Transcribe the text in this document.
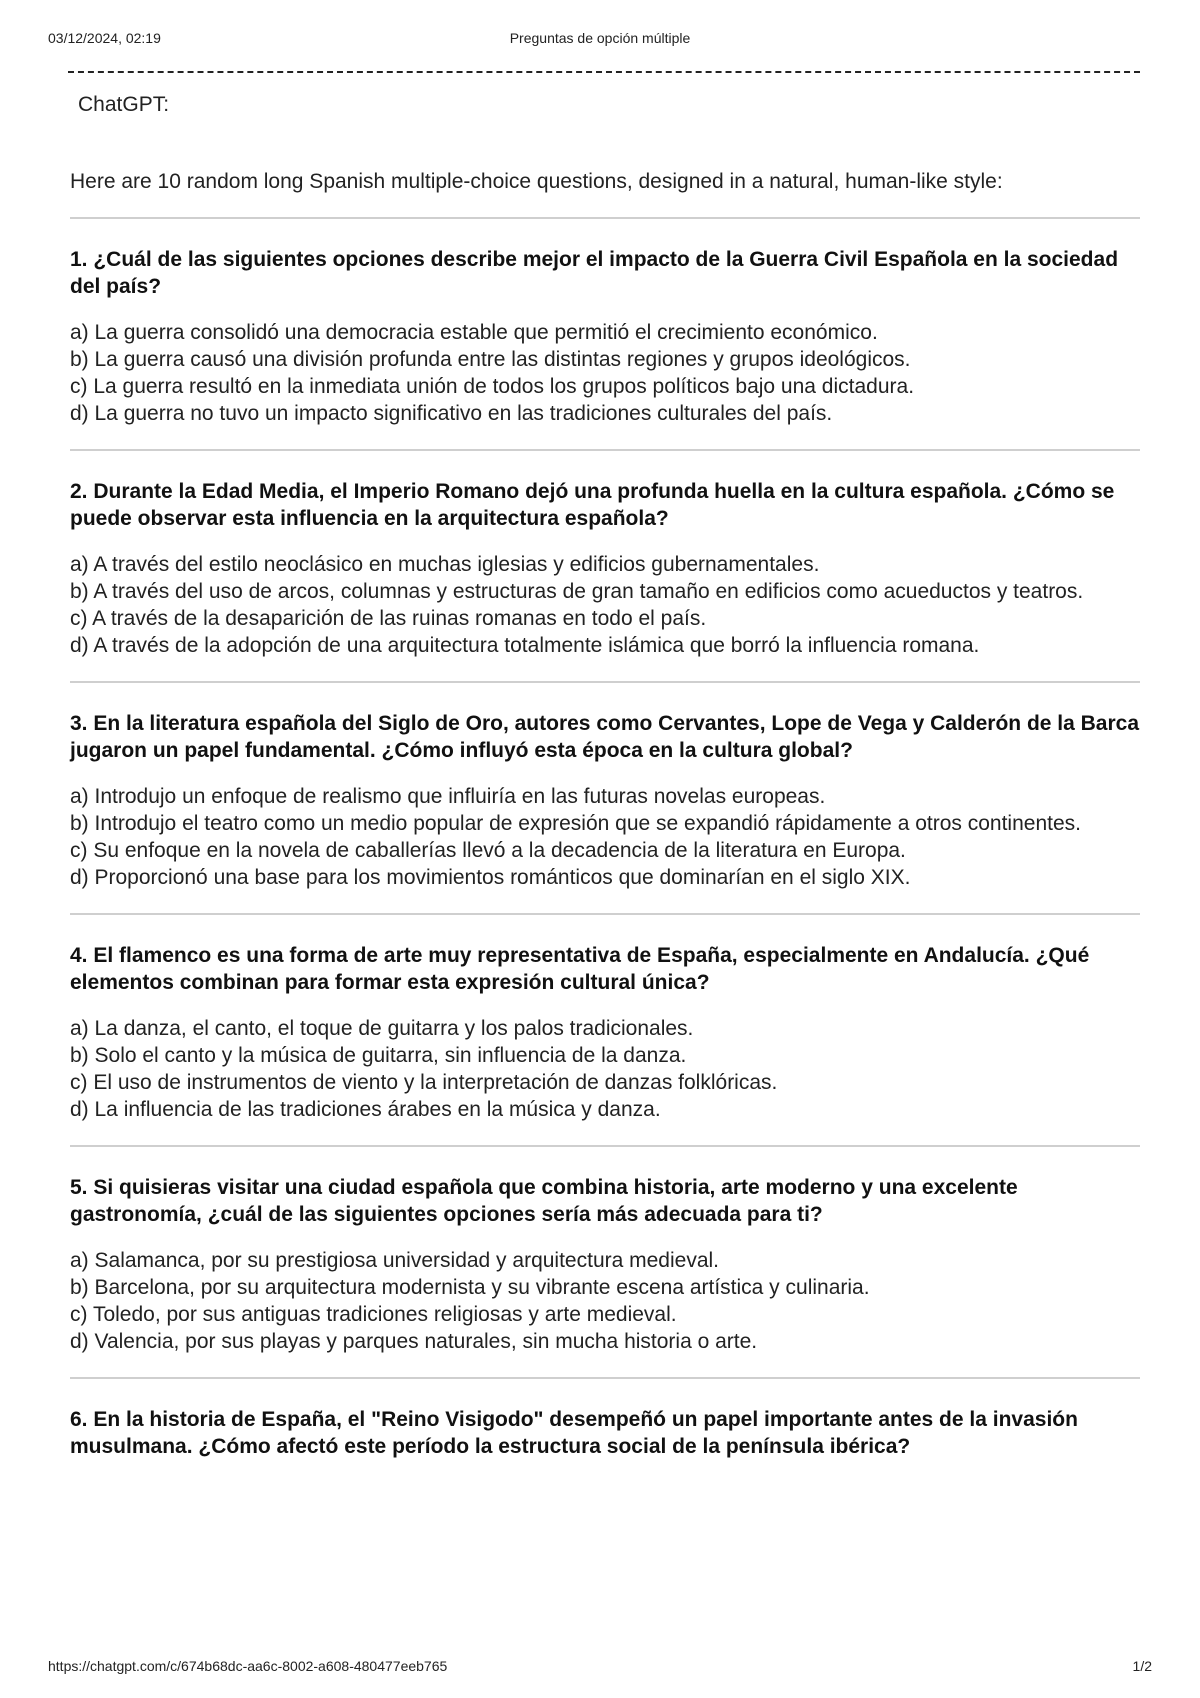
03/12/2024, 02:19	Preguntas de opción múltiple

ChatGPT:

Here are 10 random long Spanish multiple-choice questions, designed in a natural, human-like style:

1. ¿Cuál de las siguientes opciones describe mejor el impacto de la Guerra Civil Española en la sociedad del país?

a) La guerra consolidó una democracia estable que permitió el crecimiento económico.
b) La guerra causó una división profunda entre las distintas regiones y grupos ideológicos.
c) La guerra resultó en la inmediata unión de todos los grupos políticos bajo una dictadura.
d) La guerra no tuvo un impacto significativo en las tradiciones culturales del país.

2. Durante la Edad Media, el Imperio Romano dejó una profunda huella en la cultura española. ¿Cómo se puede observar esta influencia en la arquitectura española?

a) A través del estilo neoclásico en muchas iglesias y edificios gubernamentales.
b) A través del uso de arcos, columnas y estructuras de gran tamaño en edificios como acueductos y teatros.
c) A través de la desaparición de las ruinas romanas en todo el país.
d) A través de la adopción de una arquitectura totalmente islámica que borró la influencia romana.

3. En la literatura española del Siglo de Oro, autores como Cervantes, Lope de Vega y Calderón de la Barca jugaron un papel fundamental. ¿Cómo influyó esta época en la cultura global?

a) Introdujo un enfoque de realismo que influiría en las futuras novelas europeas.
b) Introdujo el teatro como un medio popular de expresión que se expandió rápidamente a otros continentes.
c) Su enfoque en la novela de caballerías llevó a la decadencia de la literatura en Europa.
d) Proporcionó una base para los movimientos románticos que dominarían en el siglo XIX.

4. El flamenco es una forma de arte muy representativa de España, especialmente en Andalucía. ¿Qué elementos combinan para formar esta expresión cultural única?

a) La danza, el canto, el toque de guitarra y los palos tradicionales.
b) Solo el canto y la música de guitarra, sin influencia de la danza.
c) El uso de instrumentos de viento y la interpretación de danzas folklóricas.
d) La influencia de las tradiciones árabes en la música y danza.

5. Si quisieras visitar una ciudad española que combina historia, arte moderno y una excelente gastronomía, ¿cuál de las siguientes opciones sería más adecuada para ti?

a) Salamanca, por su prestigiosa universidad y arquitectura medieval.
b) Barcelona, por su arquitectura modernista y su vibrante escena artística y culinaria.
c) Toledo, por sus antiguas tradiciones religiosas y arte medieval.
d) Valencia, por sus playas y parques naturales, sin mucha historia o arte.

6. En la historia de España, el "Reino Visigodo" desempeñó un papel importante antes de la invasión musulmana. ¿Cómo afectó este período la estructura social de la península ibérica?

https://chatgpt.com/c/674b68dc-aa6c-8002-a608-480477eeb765	1/2
